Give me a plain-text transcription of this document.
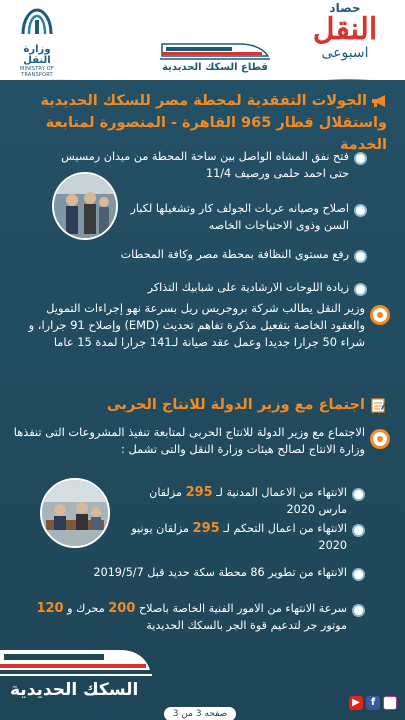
وزارة النقل
MINISTRY OF TRANSPORT
قطاع السكك الحديدية
حصاد
النقل
اسبوعى
الجولات التفقدية لمحطة مصر للسكك الحديدية
واستقلال قطار 965 القاهرة - المنصورة لمتابعة الخدمة
فتح نفق المشاه الواصل بين ساحة المحطة من ميدان رمسيس حتى احمد حلمى ورصيف 11/4
اصلاح وصيانه عربات الجولف كار وتشغيلها لكبار السن وذوى الاحتياجات الخاصه
رفع مستوى النظافة بمحطة مصر وكافة المحطات
زيادة اللوحات الارشادية على شبابيك التذاكر
وزير النقل يطالب شركة بروجريس ريل بسرعة نهو إجراءات التمويل والعقود الخاصة بتفعيل مذكرة تفاهم تحديث (EMD) وإصلاح 91 جرارا، و شراء 50 جرارا جديدا وعمل عقد صيانة لـ141 جرارا لمدة 15 عاما
اجتماع مع وزير الدولة للانتاج الحربى
الاجتماع مع وزير الدولة للانتاج الحربى لمتابعة تنفيذ المشروعات التى تنفذها وزارة الانتاج لصالح هيئات وزارة النقل والتى تشمل :
الانتهاء من الاعمال المدنية لـ 295 مزلقان مارس 2020
الانتهاء من اعمال التحكم لـ 295 مزلقان يونيو 2020
الانتهاء من تطوير 86 محطة سكة حديد قبل 2019/5/7
سرعة الانتهاء من الامور الفنية الخاصة باصلاح 200 محرك و 120 موتور جر لتدعيم قوة الجر بالسكك الحديدية
السكك الحديدية
▶ f
صفحه 3 من 3
